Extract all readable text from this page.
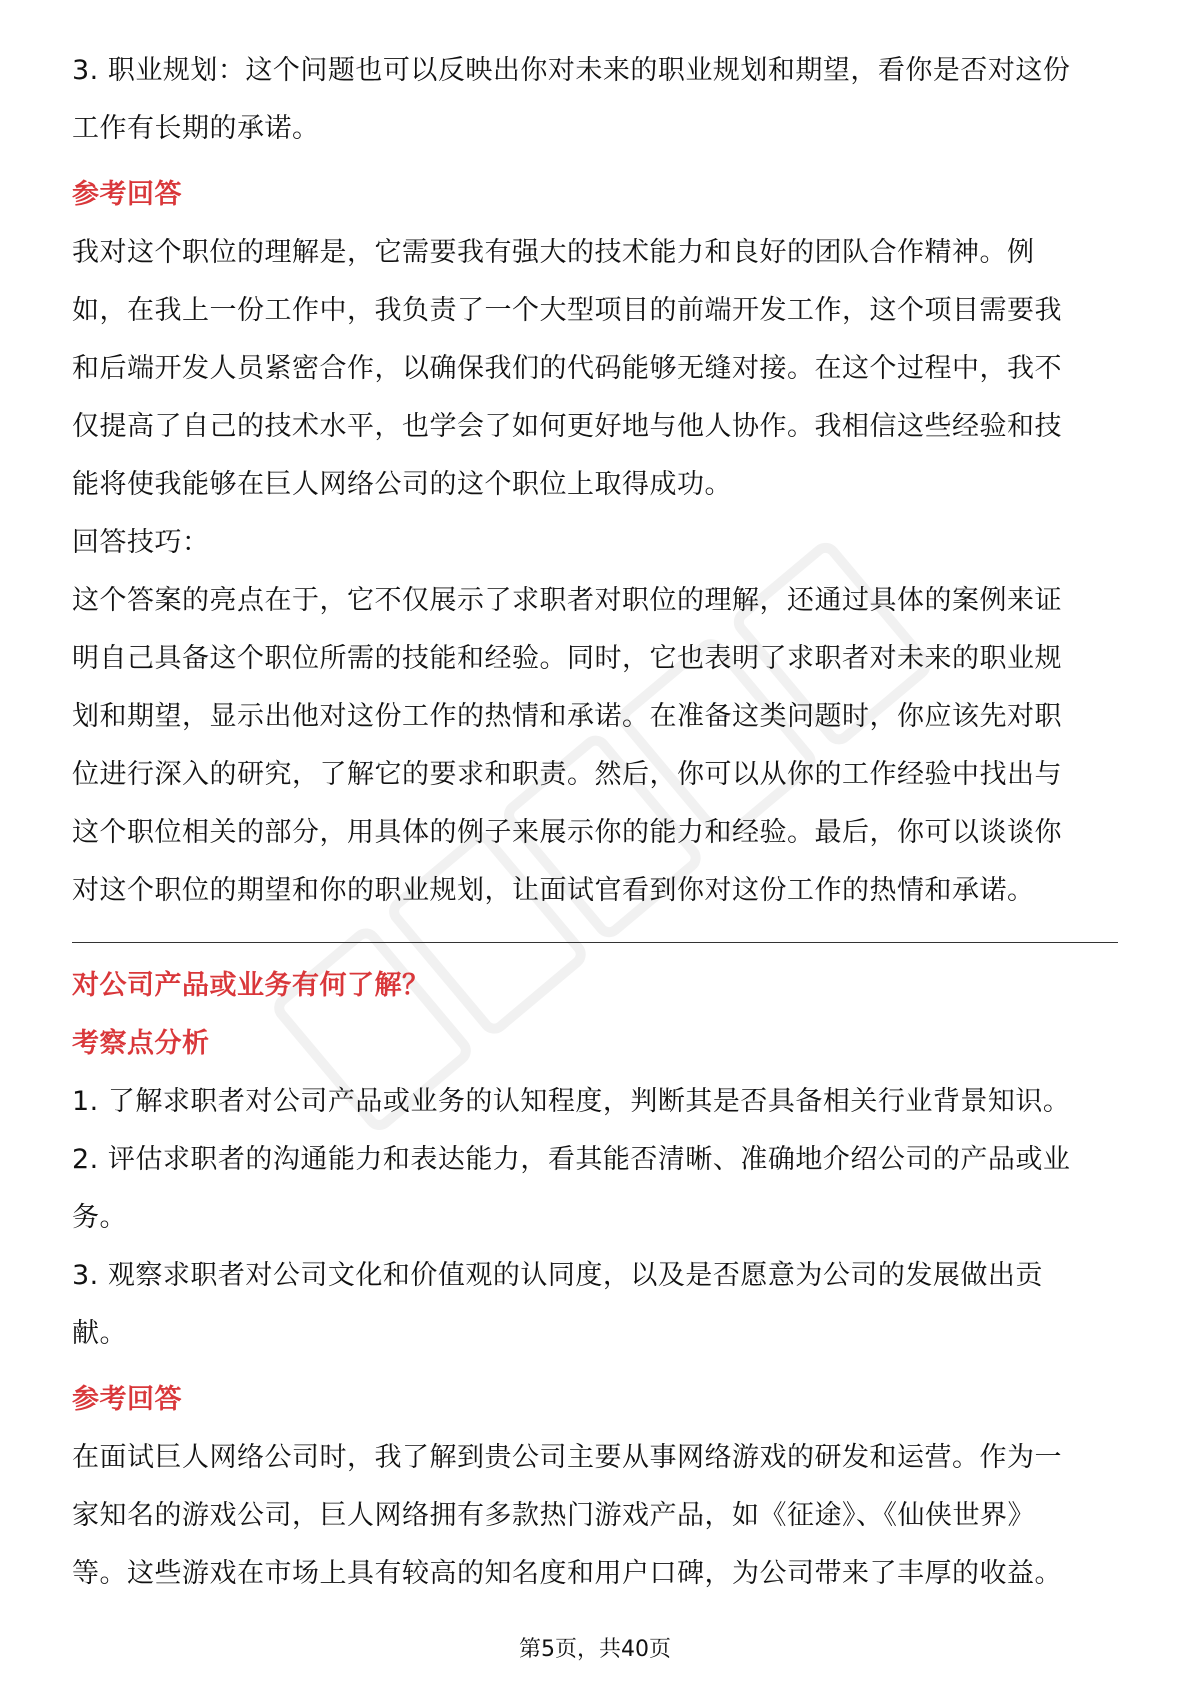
3. 职业规划：这个问题也可以反映出你对未来的职业规划和期望，看你是否对这份

工作有长期的承诺。

参考回答

我对这个职位的理解是，它需要我有强大的技术能力和良好的团队合作精神。例

如，在我上一份工作中，我负责了一个大型项目的前端开发工作，这个项目需要我

和后端开发人员紧密合作，以确保我们的代码能够无缝对接。在这个过程中，我不

仅提高了自己的技术水平，也学会了如何更好地与他人协作。我相信这些经验和技

能将使我能够在巨人网络公司的这个职位上取得成功。

回答技巧：

这个答案的亮点在于，它不仅展示了求职者对职位的理解，还通过具体的案例来证

明自己具备这个职位所需的技能和经验。同时，它也表明了求职者对未来的职业规

划和期望，显示出他对这份工作的热情和承诺。在准备这类问题时，你应该先对职

位进行深入的研究，了解它的要求和职责。然后，你可以从你的工作经验中找出与

这个职位相关的部分，用具体的例子来展示你的能力和经验。最后，你可以谈谈你

对这个职位的期望和你的职业规划，让面试官看到你对这份工作的热情和承诺。

对公司产品或业务有何了解？

考察点分析

1. 了解求职者对公司产品或业务的认知程度，判断其是否具备相关行业背景知识。

2. 评估求职者的沟通能力和表达能力，看其能否清晰、准确地介绍公司的产品或业

务。

3. 观察求职者对公司文化和价值观的认同度，以及是否愿意为公司的发展做出贡

献。

参考回答

在面试巨人网络公司时，我了解到贵公司主要从事网络游戏的研发和运营。作为一

家知名的游戏公司，巨人网络拥有多款热门游戏产品，如《征途》、《仙侠世界》

等。这些游戏在市场上具有较高的知名度和用户口碑，为公司带来了丰厚的收益。

第5页，共40页
